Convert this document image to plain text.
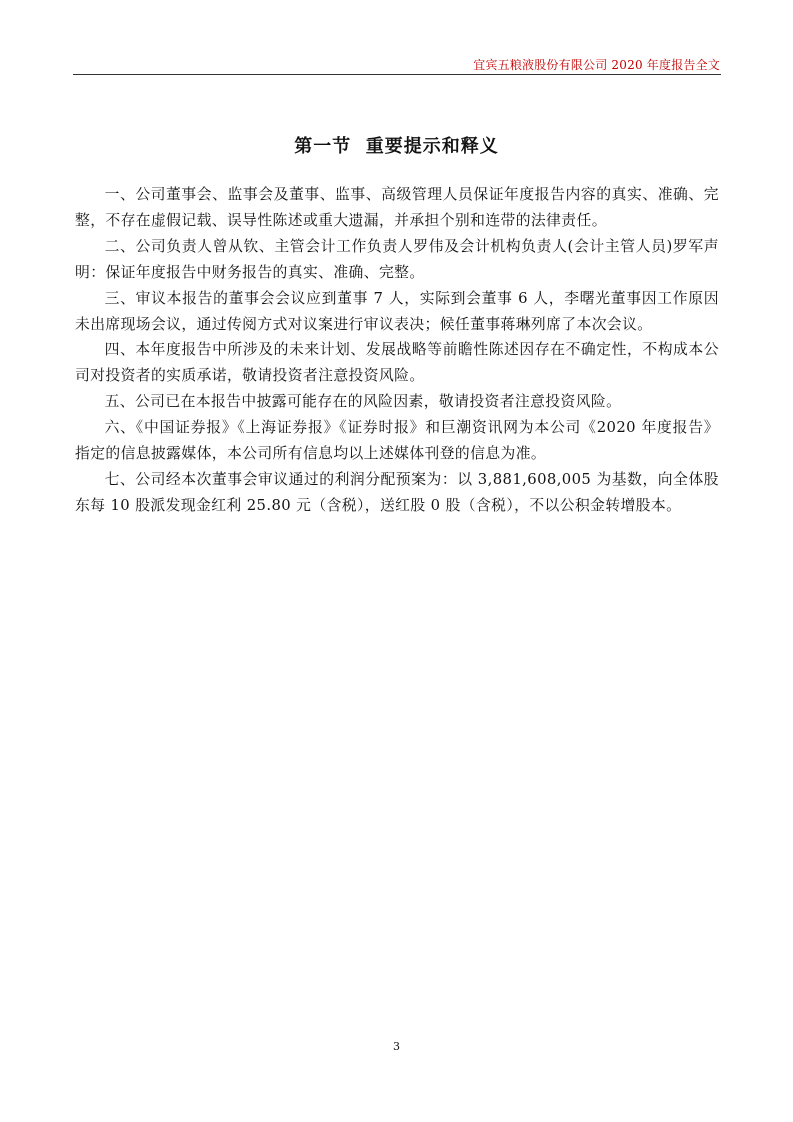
宜宾五粮液股份有限公司 2020 年度报告全文
第一节  重要提示和释义

一、公司董事会、监事会及董事、监事、高级管理人员保证年度报告内容的真实、准确、完整，不存在虚假记载、误导性陈述或重大遗漏，并承担个别和连带的法律责任。

二、公司负责人曾从钦、主管会计工作负责人罗伟及会计机构负责人(会计主管人员)罗军声明：保证年度报告中财务报告的真实、准确、完整。

三、审议本报告的董事会会议应到董事 7 人，实际到会董事 6 人，李曙光董事因工作原因未出席现场会议，通过传阅方式对议案进行审议表决；候任董事蒋琳列席了本次会议。

四、本年度报告中所涉及的未来计划、发展战略等前瞻性陈述因存在不确定性，不构成本公司对投资者的实质承诺，敬请投资者注意投资风险。

五、公司已在本报告中披露可能存在的风险因素，敬请投资者注意投资风险。

六、《中国证券报》《上海证券报》《证券时报》和巨潮资讯网为本公司《2020 年度报告》指定的信息披露媒体，本公司所有信息均以上述媒体刊登的信息为准。

七、公司经本次董事会审议通过的利润分配预案为：以 3,881,608,005 为基数，向全体股东每 10 股派发现金红利 25.80 元（含税），送红股 0 股（含税），不以公积金转增股本。

3
